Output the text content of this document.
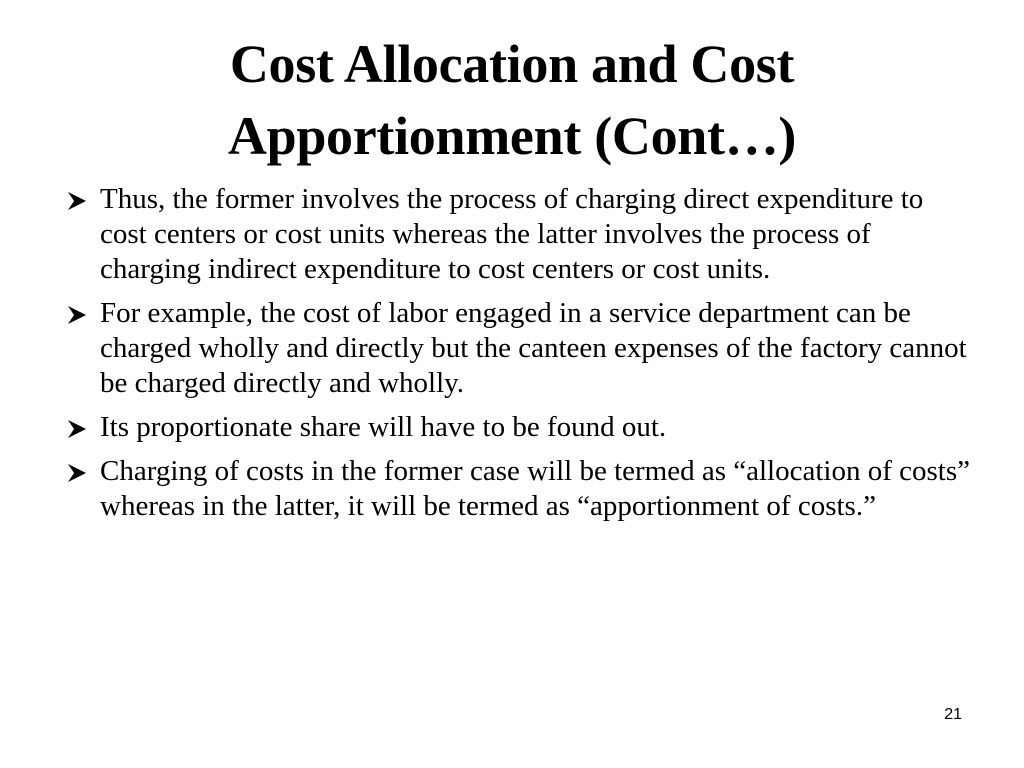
Cost Allocation and Cost
Apportionment (Cont…)
Thus, the former involves the process of charging direct expenditure to cost centers or cost units whereas the latter involves the process of charging indirect expenditure to cost centers or cost units.
For example, the cost of labor engaged in a service department can be charged wholly and directly but the canteen expenses of the factory cannot be charged directly and wholly.
Its proportionate share will have to be found out.
Charging of costs in the former case will be termed as “allocation of costs” whereas in the latter, it will be termed as “apportionment of costs.”
21
